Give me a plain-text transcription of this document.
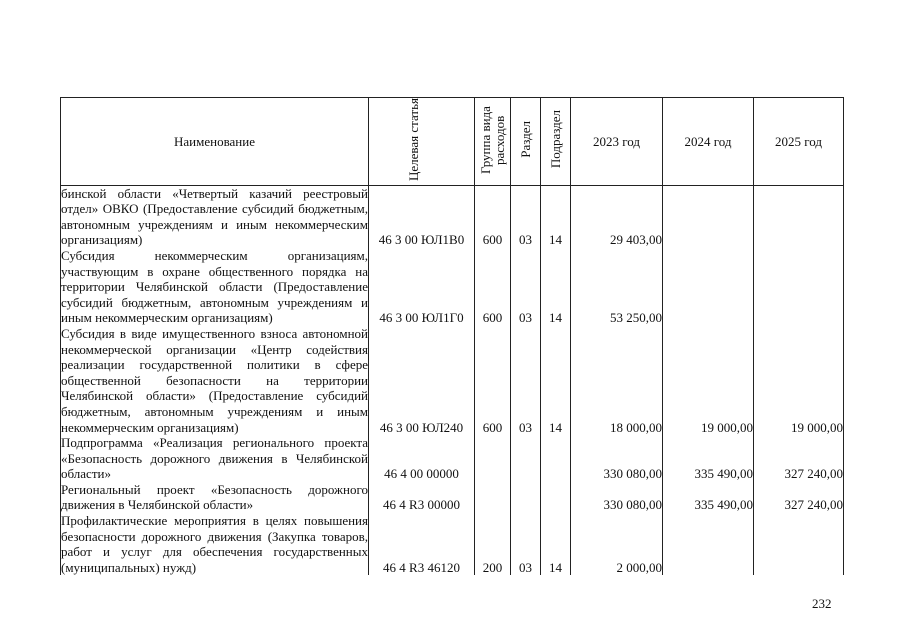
Наименование	Целевая статья	Группа вида расходов	Раздел	Подраздел	2023 год	2024 год	2025 год
бинской области «Четвертый казачий реестровый отдел» ОВКО (Предоставление субсидий бюджетным, автономным учреждениям и иным некоммерческим организациям)	46 3 00 ЮЛ1В0	600	03	14	29 403,00		
Субсидия некоммерческим организациям, участвующим в охране общественного порядка на территории Челябинской области (Предоставление субсидий бюджетным, автономным учреждениям и иным некоммерческим организациям)	46 3 00 ЮЛ1Г0	600	03	14	53 250,00		
Субсидия в виде имущественного взноса автономной некоммерческой организации «Центр содействия реализации государственной политики в сфере общественной безопасности на территории Челябинской области» (Предоставление субсидий бюджетным, автономным учреждениям и иным некоммерческим организациям)	46 3 00 ЮЛ240	600	03	14	18 000,00	19 000,00	19 000,00
Подпрограмма «Реализация регионального проекта «Безопасность дорожного движения в Челябинской области»	46 4 00 00000				330 080,00	335 490,00	327 240,00
Региональный проект «Безопасность дорожного движения в Челябинской области»	46 4 R3 00000				330 080,00	335 490,00	327 240,00
Профилактические мероприятия в целях повышения безопасности дорожного движения (Закупка товаров, работ и услуг для обеспечения государственных (муниципальных) нужд)	46 4 R3 46120	200	03	14	2 000,00		
232
